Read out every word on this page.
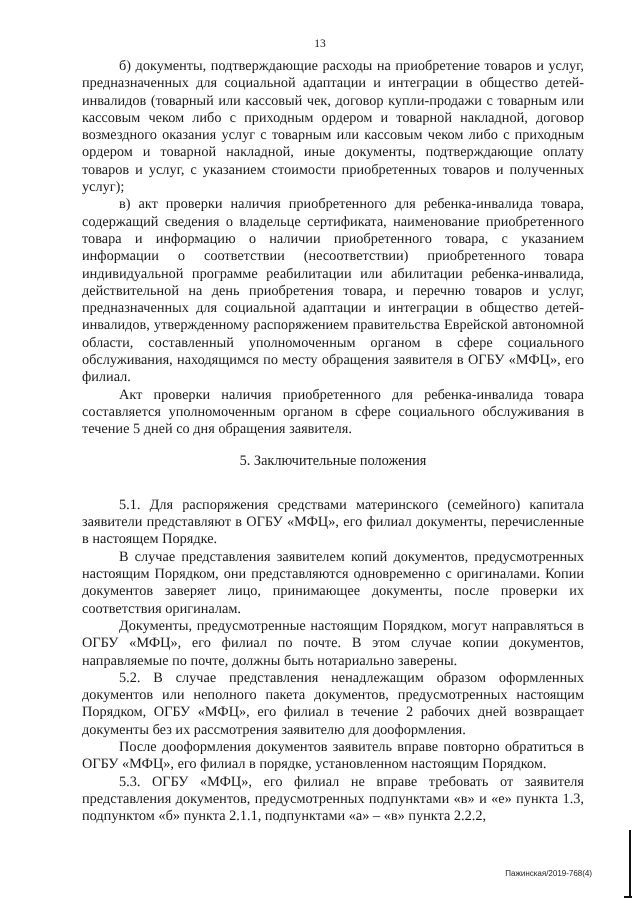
13

б) документы, подтверждающие расходы на приобретение товаров и услуг, предназначенных для социальной адаптации и интеграции в общество детей-инвалидов (товарный или кассовый чек, договор купли-продажи с товарным или кассовым чеком либо с приходным ордером и товарной накладной, договор возмездного оказания услуг с товарным или кассовым чеком либо с приходным ордером и товарной накладной, иные документы, подтверждающие оплату товаров и услуг, с указанием стоимости приобретенных товаров и полученных услуг);

в) акт проверки наличия приобретенного для ребенка-инвалида товара, содержащий сведения о владельце сертификата, наименование приобретенного товара и информацию о наличии приобретенного товара, с указанием информации о соответствии (несоответствии) приобретенного товара индивидуальной программе реабилитации или абилитации ребенка-инвалида, действительной на день приобретения товара, и перечню товаров и услуг, предназначенных для социальной адаптации и интеграции в общество детей-инвалидов, утвержденному распоряжением правительства Еврейской автономной области, составленный уполномоченным органом в сфере социального обслуживания, находящимся по месту обращения заявителя в ОГБУ «МФЦ», его филиал.

Акт проверки наличия приобретенного для ребенка-инвалида товара составляется уполномоченным органом в сфере социального обслуживания в течение 5 дней со дня обращения заявителя.

5. Заключительные положения

5.1. Для распоряжения средствами материнского (семейного) капитала заявители представляют в ОГБУ «МФЦ», его филиал документы, перечисленные в настоящем Порядке.

В случае представления заявителем копий документов, предусмотренных настоящим Порядком, они представляются одновременно с оригиналами. Копии документов заверяет лицо, принимающее документы, после проверки их соответствия оригиналам.

Документы, предусмотренные настоящим Порядком, могут направляться в ОГБУ «МФЦ», его филиал по почте. В этом случае копии документов, направляемые по почте, должны быть нотариально заверены.

5.2. В случае представления ненадлежащим образом оформленных документов или неполного пакета документов, предусмотренных настоящим Порядком, ОГБУ «МФЦ», его филиал в течение 2 рабочих дней возвращает документы без их рассмотрения заявителю для дооформления.

После дооформления документов заявитель вправе повторно обратиться в ОГБУ «МФЦ», его филиал в порядке, установленном настоящим Порядком.

5.3. ОГБУ «МФЦ», его филиал не вправе требовать от заявителя представления документов, предусмотренных подпунктами «в» и «е» пункта 1.3, подпунктом «б» пункта 2.1.1, подпунктами «а» – «в» пункта 2.2.2,

Пажинская/2019-768(4)
